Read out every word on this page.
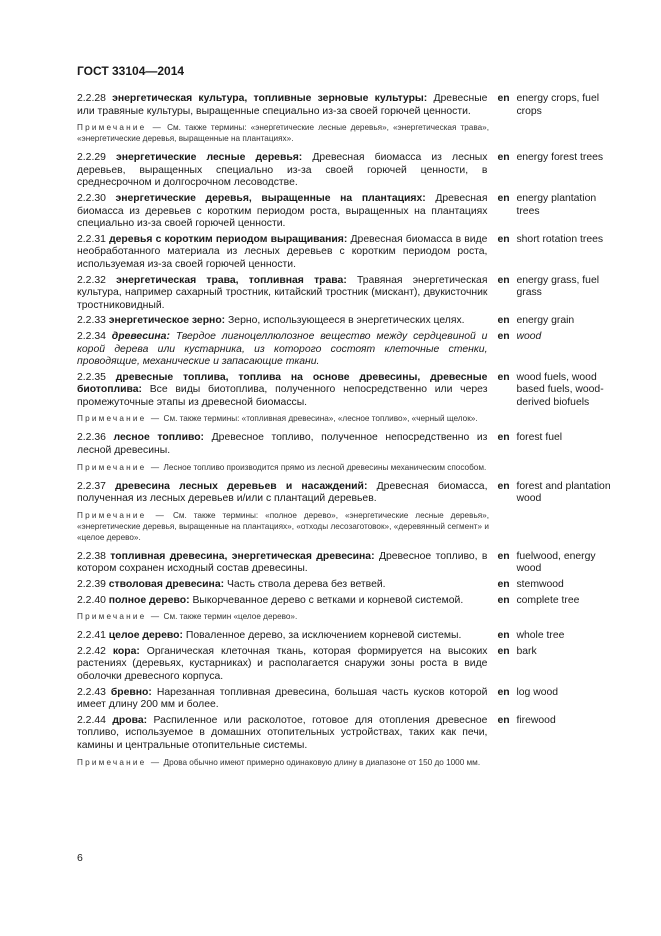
ГОСТ 33104—2014
2.2.28 энергетическая культура, топливные зерновые культуры: Древесные или травяные культуры, выращенные специально из-за своей горючей ценности.
en energy crops, fuel crops
Примечание — См. также термины: «энергетические лесные деревья», «энергетическая трава», «энергетические деревья, выращенные на плантациях».
2.2.29 энергетические лесные деревья: Древесная биомасса из лесных деревьев, выращенных специально из-за своей горючей ценности, в среднесрочном и долгосрочном лесоводстве.
en energy forest trees
2.2.30 энергетические деревья, выращенные на плантациях: Древесная биомасса из деревьев с коротким периодом роста, выращенных на плантациях специально из-за своей горючей ценности.
en energy plantation trees
2.2.31 деревья с коротким периодом выращивания: Древесная биомасса в виде необработанного материала из лесных деревьев с коротким периодом роста, используемая из-за своей горючей ценности.
en short rotation trees
2.2.32 энергетическая трава, топливная трава: Травяная энергетическая культура, например сахарный тростник, китайский тростник (мискант), двукисточник тростниковидный.
en energy grass, fuel grass
2.2.33 энергетическое зерно: Зерно, использующееся в энергетических целях.	en energy grain
2.2.34 древесина: Твердое лигноцеллюлозное вещество между сердцевиной и корой дерева или кустарника, из которого состоят клеточные стенки, проводящие, механические и запасающие ткани.
en wood
2.2.35 древесные топлива, топлива на основе древесины, древесные биотоплива: Все виды биотоплива, полученного непосредственно или через промежуточные этапы из древесной биомассы.
en wood fuels, wood based fuels, wood-derived biofuels
Примечание — См. также термины: «топливная древесина», «лесное топливо», «черный щелок».
2.2.36 лесное топливо: Древесное топливо, полученное непосредственно из лесной древесины.
en forest fuel
Примечание — Лесное топливо производится прямо из лесной древесины механическим способом.
2.2.37 древесина лесных деревьев и насаждений: Древесная биомасса, полученная из лесных деревьев и/или с плантаций деревьев.
en forest and plantation wood
Примечание — См. также термины: «полное дерево», «энергетические лесные деревья», «энергетические деревья, выращенные на плантациях», «отходы лесозаготовок», «деревянный сегмент» и «целое дерево».
2.2.38 топливная древесина, энергетическая древесина: Древесное топливо, в котором сохранен исходный состав древесины.
en fuelwood, energy wood
2.2.39 стволовая древесина: Часть ствола дерева без ветвей.	en stemwood
2.2.40 полное дерево: Выкорчеванное дерево с ветками и корневой системой.	en complete tree
Примечание — См. также термин «целое дерево».
2.2.41 целое дерево: Поваленное дерево, за исключением корневой системы.	en whole tree
2.2.42 кора: Органическая клеточная ткань, которая формируется на высоких растениях (деревьях, кустарниках) и располагается снаружи зоны роста в виде оболочки древесного корпуса.
en bark
2.2.43 бревно: Нарезанная топливная древесина, большая часть кусков которой имеет длину 200 мм и более.
en log wood
2.2.44 дрова: Распиленное или расколотое, готовое для отопления древесное топливо, используемое в домашних отопительных устройствах, таких как печи, камины и центральные отопительные системы.
en firewood
Примечание — Дрова обычно имеют примерно одинаковую длину в диапазоне от 150 до 1000 мм.
6
